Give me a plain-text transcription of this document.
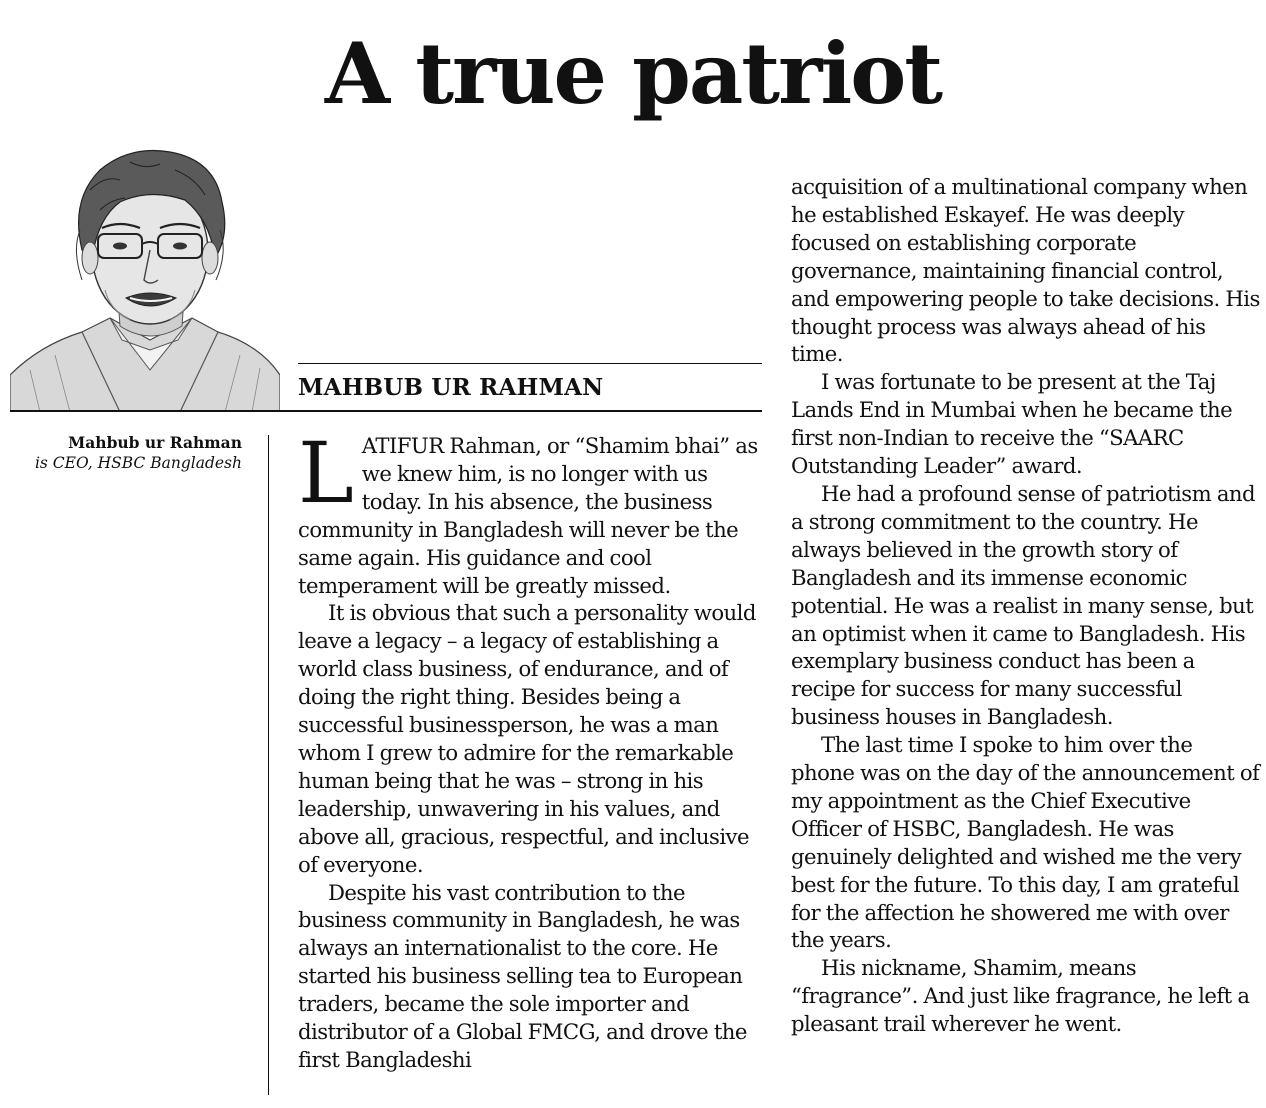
A true patriot

MAHBUB UR RAHMAN

Mahbub ur Rahman
is CEO, HSBC Bangladesh LATIFUR Rahman, or “Shamim bhai” as we knew him, is no longer with us today. In his absence, the business community in Bangladesh will never be the same again. His guidance and cool temperament will be greatly missed.

It is obvious that such a personality would leave a legacy – a legacy of establishing a world class business, of endurance, and of doing the right thing. Besides being a successful businessperson, he was a man whom I grew to admire for the remarkable human being that he was – strong in his leadership, unwavering in his values, and above all, gracious, respectful, and inclusive of everyone.

Despite his vast contribution to the business community in Bangladesh, he was always an internationalist to the core. He started his business selling tea to European traders, became the sole importer and distributor of a Global FMCG, and drove the first Bangladeshi

acquisition of a multinational company when he established Eskayef. He was deeply focused on establishing corporate governance, maintaining financial control, and empowering people to take decisions. His thought process was always ahead of his time.

I was fortunate to be present at the Taj Lands End in Mumbai when he became the first non-Indian to receive the “SAARC Outstanding Leader” award.

He had a profound sense of patriotism and a strong commitment to the country. He always believed in the growth story of Bangladesh and its immense economic potential. He was a realist in many sense, but an optimist when it came to Bangladesh. His exemplary business conduct has been a recipe for success for many successful business houses in Bangladesh.

The last time I spoke to him over the phone was on the day of the announcement of my appointment as the Chief Executive Officer of HSBC, Bangladesh. He was genuinely delighted and wished me the very best for the future. To this day, I am grateful for the affection he showered me with over the years.

His nickname, Shamim, means “fragrance”. And just like fragrance, he left a pleasant trail wherever he went.
